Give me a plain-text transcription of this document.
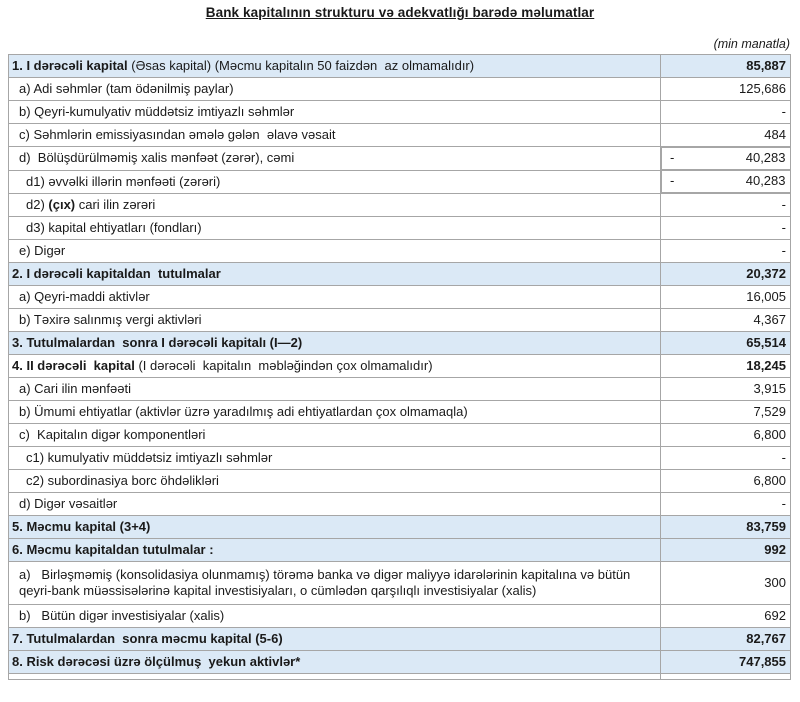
Bank kapitalının strukturu və adekvatlığı barədə məlumatlar
(min manatla)
1. I dərəcəli kapital (Əsas kapital) (Məcmu kapitalın 50 faizdən  az olmamalıdır)	85,887
a) Adi səhmlər (tam ödənilmiş paylar)	125,686
b) Qeyri-kumulyativ müddətsiz imtiyazlı səhmlər	-
c) Səhmlərin emissiyasından əmələ gələn  əlavə vəsait	484
d)  Bölüşdürülməmiş xalis mənfəət (zərər), cəmi		-	40,283

d1) əvvəlki illərin mənfəəti (zərəri)		-	40,283

d2) (çıx) cari ilin zərəri	-
d3) kapital ehtiyatları (fondları)	-
e) Digər	-
2. I dərəcəli kapitaldan  tutulmalar	20,372
a) Qeyri-maddi aktivlər	16,005
b) Təxirə salınmış vergi aktivləri	4,367
3. Tutulmalardan  sonra I dərəcəli kapitalı (I—2)	65,514
4. II dərəcəli  kapital (I dərəcəli  kapitalın  məbləğindən çox olmamalıdır)	18,245
a) Cari ilin mənfəəti	3,915
b) Ümumi ehtiyatlar (aktivlər üzrə yaradılmış adi ehtiyatlardan çox olmamaqla)	7,529
c)  Kapitalın digər komponentləri	6,800
c1) kumulyativ müddətsiz imtiyazlı səhmlər	-
c2) subordinasiya borc öhdəlikləri	6,800
d) Digər vəsaitlər	-
5. Məcmu kapital (3+4)	83,759
6. Məcmu kapitaldan tutulmalar :	992
a)   Birləşməmiş (konsolidasiya olunmamış) törəmə banka və digər maliyyə idarələrinin kapitalına və bütün qeyri-bank müəssisələrinə kapital investisiyaları, o cümlədən qarşılıqlı investisiyalar (xalis)	300
b)   Bütün digər investisiyalar (xalis)	692
7. Tutulmalardan  sonra məcmu kapital (5-6)	82,767
8. Risk dərəcəsi üzrə ölçülmuş  yekun aktivlər*	747,855
